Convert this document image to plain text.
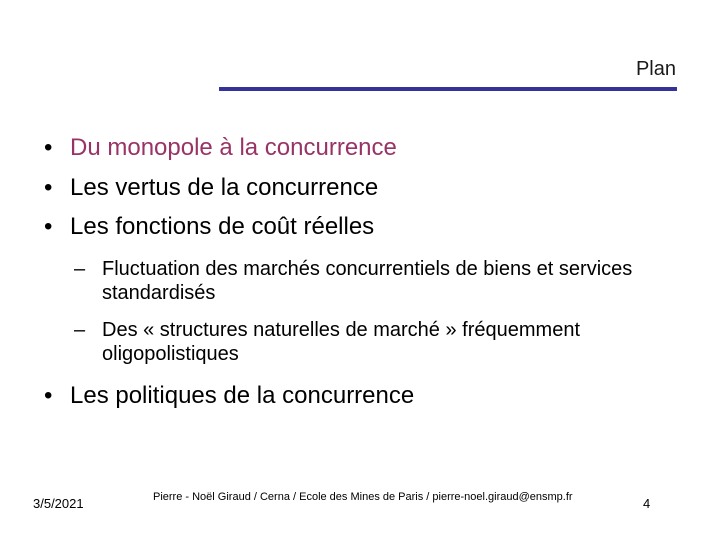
Plan
• Du monopole à la concurrence
• Les vertus de la concurrence
• Les fonctions de coût réelles
– Fluctuation des marchés concurrentiels de biens et services standardisés
– Des « structures naturelles de marché » fréquemment oligopolistiques
• Les politiques de la concurrence
3/5/2021	Pierre - Noël Giraud / Cerna / Ecole des Mines de Paris / pierre-noel.giraud@ensmp.fr	4
